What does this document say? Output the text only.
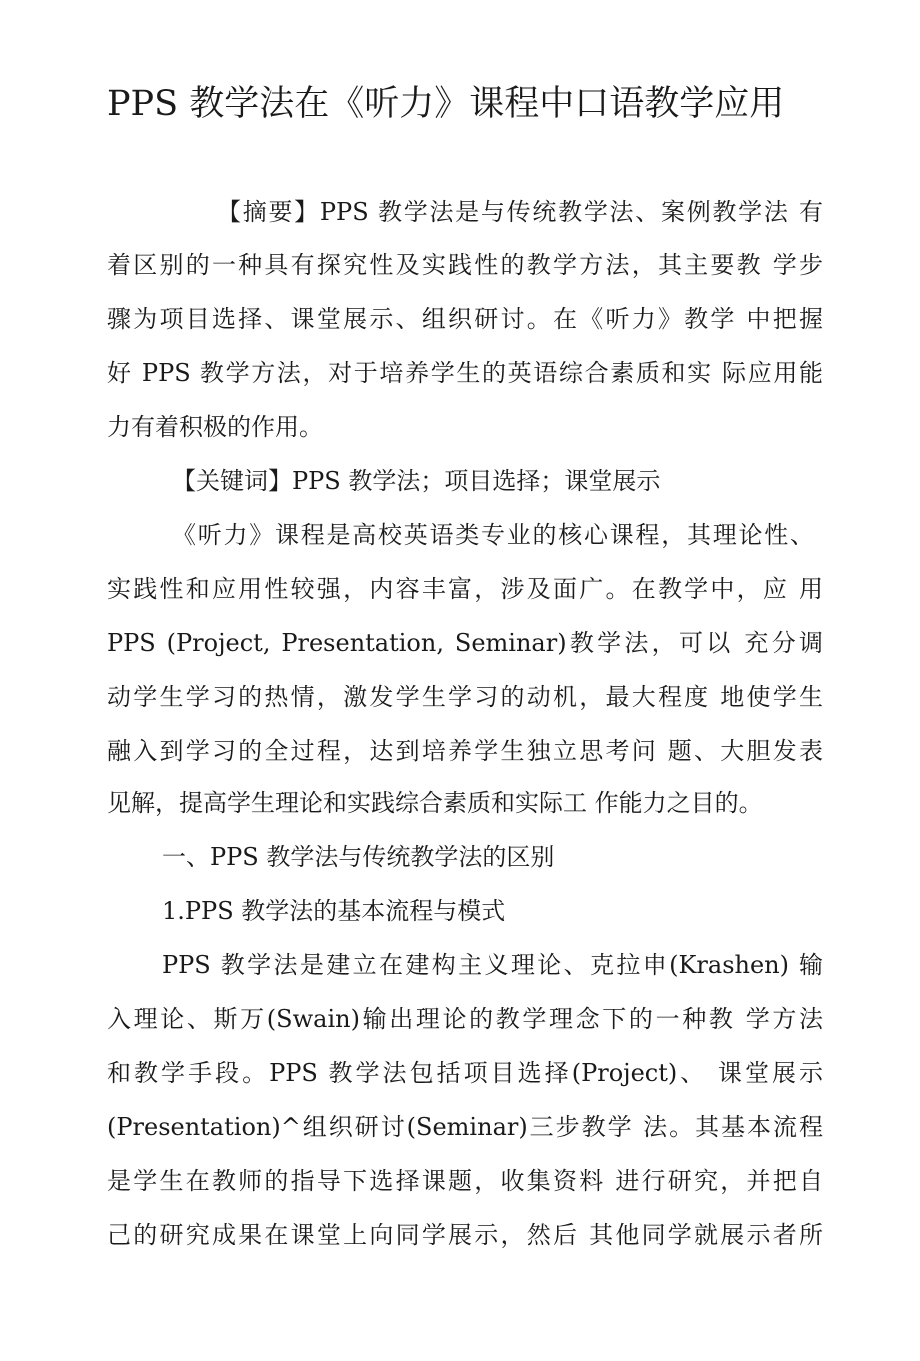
PPS 教学法在《听力》课程中口语教学应用
【摘要】PPS 教学法是与传统教学法、案例教学法 有
着区别的一种具有探究性及实践性的教学方法，其主要教 学步
骤为项目选择、课堂展示、组织研讨。在《听力》教学 中把握
好 PPS 教学方法，对于培养学生的英语综合素质和实 际应用能
力有着积极的作用。
【关键词】PPS 教学法；项目选择；课堂展示
《听力》课程是高校英语类专业的核心课程，其理论性、
实践性和应用性较强，内容丰富，涉及面广。在教学中，应 用
PPS (Project, Presentation, Seminar)教学法，可以 充分调
动学生学习的热情，激发学生学习的动机，最大程度 地使学生
融入到学习的全过程，达到培养学生独立思考问 题、大胆发表
见解，提高学生理论和实践综合素质和实际工 作能力之目的。
一、PPS 教学法与传统教学法的区别
1.PPS 教学法的基本流程与模式
PPS 教学法是建立在建构主义理论、克拉申(Krashen) 输
入理论、斯万(Swain)输出理论的教学理念下的一种教 学方法
和教学手段。PPS 教学法包括项目选择(Project)、 课堂展示
(Presentation)^组织研讨(Seminar)三步教学 法。其基本流程
是学生在教师的指导下选择课题，收集资料 进行研究，并把自
己的研究成果在课堂上向同学展示，然后 其他同学就展示者所
